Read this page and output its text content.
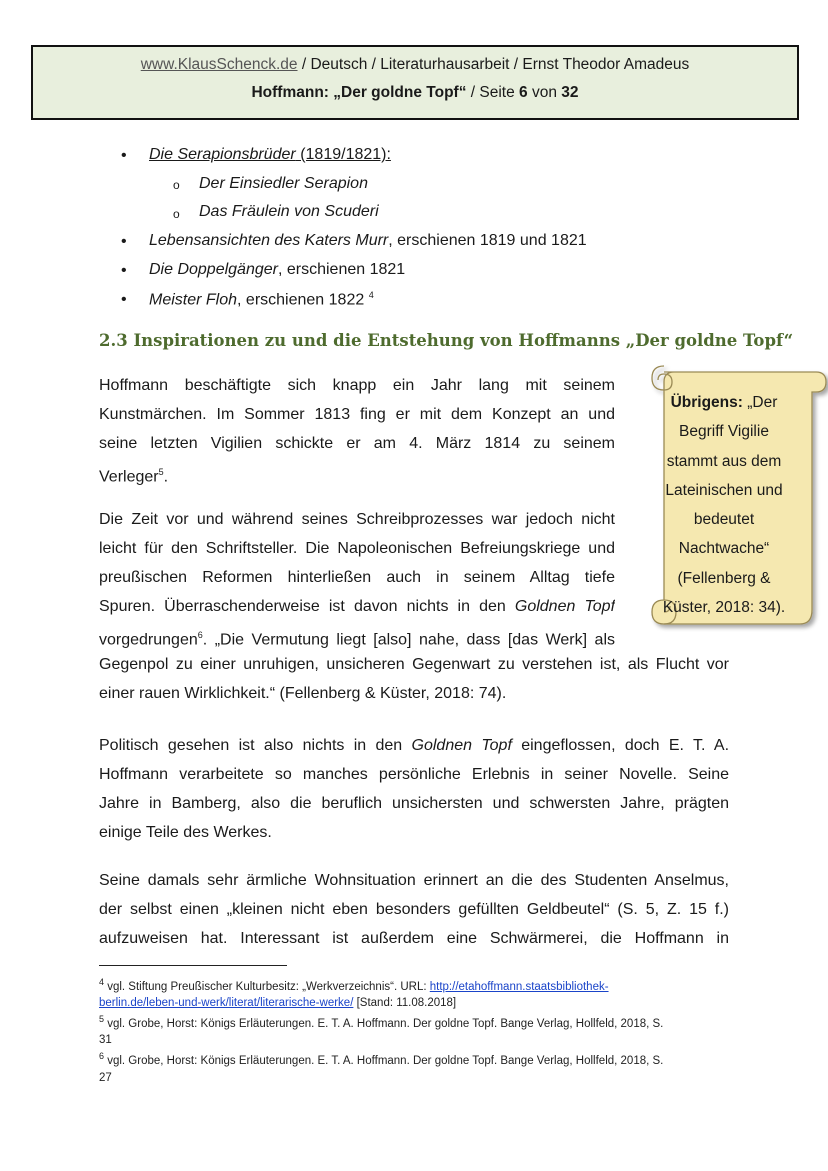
www.KlausSchenck.de / Deutsch / Literaturhausarbeit / Ernst Theodor Amadeus
Hoffmann: „Der goldne Topf“ / Seite 6 von 32
• Die Serapionsbrüder (1819/1821):
o Der Einsiedler Serapion
o Das Fräulein von Scuderi
• Lebensansichten des Katers Murr, erschienen 1819 und 1821
• Die Doppelgänger, erschienen 1821
• Meister Floh, erschienen 1822 $^4$
2.3 Inspirationen zu und die Entstehung von Hoffmanns „Der goldne Topf“
Hoffmann beschäftigte sich knapp ein Jahr lang mit seinem
Kunstmärchen. Im Sommer 1813 fing er mit dem Konzept an und
seine letzten Vigilien schickte er am 4. März 1814 zu seinem
Verleger$^5$.
Die Zeit vor und während seines Schreibprozesses war jedoch nicht
leicht für den Schriftsteller. Die Napoleonischen Befreiungskriege und
preußischen Reformen hinterließen auch in seinem Alltag tiefe
Spuren. Überraschenderweise ist davon nichts in den Goldnen Topf
vorgedrungen$^6$. „Die Vermutung liegt [also] nahe, dass [das Werk] als
Gegenpol zu einer unruhigen, unsicheren Gegenwart zu verstehen ist, als Flucht vor
einer rauen Wirklichkeit.“ (Fellenberg & Küster, 2018: 74).
Politisch gesehen ist also nichts in den Goldnen Topf eingeflossen, doch E. T. A.
Hoffmann verarbeitete so manches persönliche Erlebnis in seiner Novelle. Seine
Jahre in Bamberg, also die beruflich unsichersten und schwersten Jahre, prägten
einige Teile des Werkes.
Seine damals sehr ärmliche Wohnsituation erinnert an die des Studenten Anselmus,
der selbst einen „kleinen nicht eben besonders gefüllten Geldbeutel“ (S. 5, Z. 15 f.)
aufzuweisen hat. Interessant ist außerdem eine Schwärmerei, die Hoffmann in
Übrigens: „Der
Begriff Vigilie
stammt aus dem
Lateinischen und
bedeutet
Nachtwache“
(Fellenberg &
Küster, 2018: 34).
$^4$ vgl. Stiftung Preußischer Kulturbesitz: „Werkverzeichnis“. URL: http://etahoffmann.staatsbibliothek-
berlin.de/leben-und-werk/literat/literarische-werke/ [Stand: 11.08.2018]
$^5$ vgl. Grobe, Horst: Königs Erläuterungen. E. T. A. Hoffmann. Der goldne Topf. Bange Verlag, Hollfeld, 2018, S.
31
$^6$ vgl. Grobe, Horst: Königs Erläuterungen. E. T. A. Hoffmann. Der goldne Topf. Bange Verlag, Hollfeld, 2018, S.
27
